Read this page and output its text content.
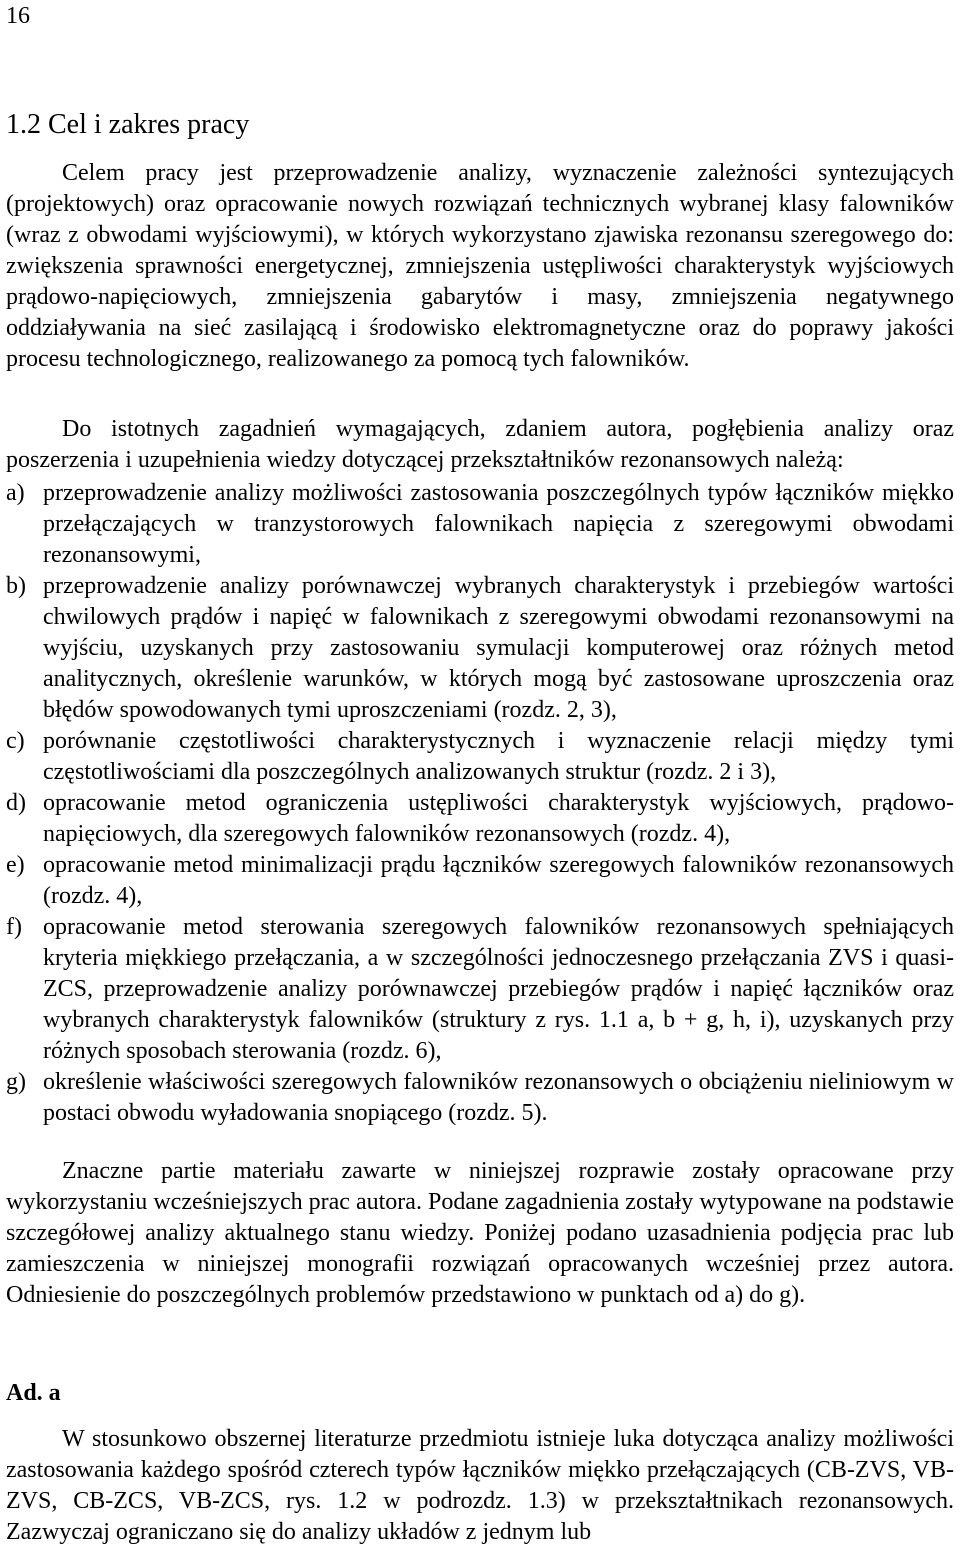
16
1.2 Cel i zakres pracy

Celem pracy jest przeprowadzenie analizy, wyznaczenie zależności syntezujących (projektowych) oraz opracowanie nowych rozwiązań technicznych wybranej klasy falowników (wraz z obwodami wyjściowymi), w których wykorzystano zjawiska rezonansu szeregowego do: zwiększenia sprawności energetycznej, zmniejszenia ustępliwości charakterystyk wyjściowych prądowo-napięciowych, zmniejszenia gabarytów i masy, zmniejszenia negatywnego oddziaływania na sieć zasilającą i środowisko elektromagnetyczne oraz do poprawy jakości procesu technologicznego, realizowanego za pomocą tych falowników.

Do istotnych zagadnień wymagających, zdaniem autora, pogłębienia analizy oraz poszerzenia i uzupełnienia wiedzy dotyczącej przekształtników rezonansowych należą:

a) przeprowadzenie analizy możliwości zastosowania poszczególnych typów łączników miękko przełączających w tranzystorowych falownikach napięcia z szeregowymi obwodami rezonansowymi,
b) przeprowadzenie analizy porównawczej wybranych charakterystyk i przebiegów wartości chwilowych prądów i napięć w falownikach z szeregowymi obwodami rezonansowymi na wyjściu, uzyskanych przy zastosowaniu symulacji komputerowej oraz różnych metod analitycznych, określenie warunków, w których mogą być zastosowane uproszczenia oraz błędów spowodowanych tymi uproszczeniami (rozdz. 2, 3),
c) porównanie częstotliwości charakterystycznych i wyznaczenie relacji między tymi częstotliwościami dla poszczególnych analizowanych struktur (rozdz. 2 i 3),
d) opracowanie metod ograniczenia ustępliwości charakterystyk wyjściowych, prądowo-napięciowych, dla szeregowych falowników rezonansowych (rozdz. 4),
e) opracowanie metod minimalizacji prądu łączników szeregowych falowników rezonansowych (rozdz. 4),
f) opracowanie metod sterowania szeregowych falowników rezonansowych spełniających kryteria miękkiego przełączania, a w szczególności jednoczesnego przełączania ZVS i quasi-ZCS, przeprowadzenie analizy porównawczej przebiegów prądów i napięć łączników oraz wybranych charakterystyk falowników (struktury z rys. 1.1 a, b + g, h, i), uzyskanych przy różnych sposobach sterowania (rozdz. 6),
g) określenie właściwości szeregowych falowników rezonansowych o obciążeniu nieliniowym w postaci obwodu wyładowania snopiącego (rozdz. 5).

Znaczne partie materiału zawarte w niniejszej rozprawie zostały opracowane przy wykorzystaniu wcześniejszych prac autora. Podane zagadnienia zostały wytypowane na podstawie szczegółowej analizy aktualnego stanu wiedzy. Poniżej podano uzasadnienia podjęcia prac lub zamieszczenia w niniejszej monografii rozwiązań opracowanych wcześniej przez autora. Odniesienie do poszczególnych problemów przedstawiono w punktach od a) do g).

Ad. a

W stosunkowo obszernej literaturze przedmiotu istnieje luka dotycząca analizy możliwości zastosowania każdego spośród czterech typów łączników miękko przełączających (CB-ZVS, VB-ZVS, CB-ZCS, VB-ZCS, rys. 1.2 w podrozdz. 1.3) w przekształtnikach rezonansowych. Zazwyczaj ograniczano się do analizy układów z jednym lub
